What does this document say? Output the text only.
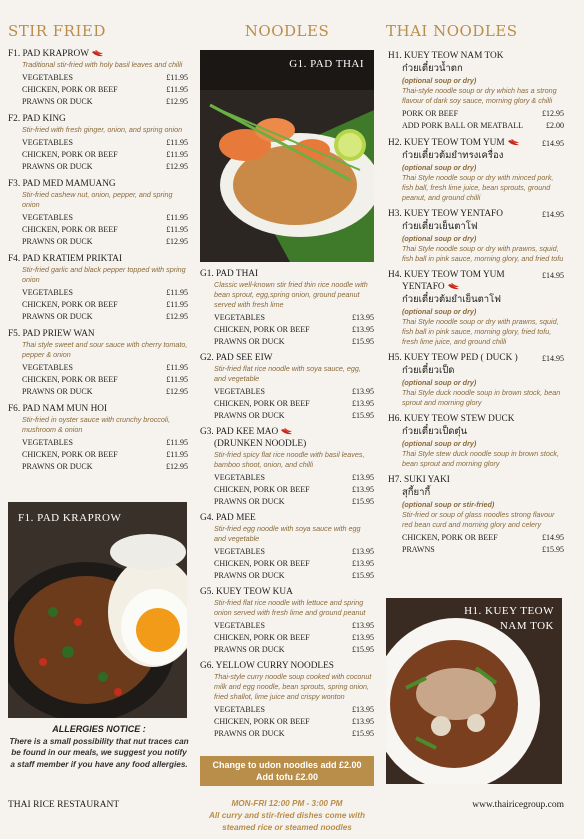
STIR FRIED
F1. PAD KRAPROW
Traditional stir-fried with holy basil leaves and chilli
VEGETABLES	£11.95
CHICKEN, PORK OR BEEF	£11.95
PRAWNS OR DUCK	£12.95
F2. PAD KING
Stir-fried with fresh ginger, onion, and spring onion
VEGETABLES	£11.95
CHICKEN, PORK OR BEEF	£11.95
PRAWNS OR DUCK	£12.95
F3. PAD MED MAMUANG
Stir-fried cashew nut, onion, pepper, and spring onion
VEGETABLES	£11.95
CHICKEN, PORK OR BEEF	£11.95
PRAWNS OR DUCK	£12.95
F4. PAD KRATIEM PRIKTAI
Stir-fried garlic and black pepper topped with spring onion
VEGETABLES	£11.95
CHICKEN, PORK OR BEEF	£11.95
PRAWNS OR DUCK	£12.95
F5. PAD PRIEW WAN
Thai style sweet and sour sauce with cherry tomato, pepper & onion
VEGETABLES	£11.95
CHICKEN, PORK OR BEEF	£11.95
PRAWNS OR DUCK	£12.95
F6. PAD NAM MUN HOI
Stir-fried in oyster sauce with crunchy broccoli, mushroom & onion
VEGETABLES	£11.95
CHICKEN, PORK OR BEEF	£11.95
PRAWNS OR DUCK	£12.95
NOODLES
G1. PAD THAI
Classic well-known stir fried thin rice noodle with bean sprout, egg,spring onion, ground peanut served with fresh lime
VEGETABLES	£13.95
CHICKEN, PORK OR BEEF	£13.95
PRAWNS OR DUCK	£15.95
G2. PAD SEE EIW
Stir-fried flat rice noodle with soya sauce, egg, and vegetable
VEGETABLES	£13.95
CHICKEN, PORK OR BEEF	£13.95
PRAWNS OR DUCK	£15.95
G3. PAD KEE MAO
(DRUNKEN NOODLE)
Stir-fried spicy flat rice noodle with basil leaves, bamboo shoot, onion, and chilli
VEGETABLES	£13.95
CHICKEN, PORK OR BEEF	£13.95
PRAWNS OR DUCK	£15.95
G4. PAD MEE
Stir-fried egg noodle with soya sauce with egg and vegetable
VEGETABLES	£13.95
CHICKEN, PORK OR BEEF	£13.95
PRAWNS OR DUCK	£15.95
G5. KUEY TEOW KUA
Stir-fried flat rice noodle with lettuce and spring onion served with fresh lime and ground peanut
VEGETABLES	£13.95
CHICKEN, PORK OR BEEF	£13.95
PRAWNS OR DUCK	£15.95
G6. YELLOW CURRY NOODLES
Thai-style curry noodle soup cooked with coconut milk and egg noodle, bean sprouts, spring onion, fried shallot, lime juice and crispy wonton
VEGETABLES	£13.95
CHICKEN, PORK OR BEEF	£13.95
PRAWNS OR DUCK	£15.95
THAI NOODLES
H1. KUEY TEOW NAM TOK
ก๋วยเตี๋ยวน้ำตก
(optional soup or dry)
Thai-style noodle soup or dry which has a strong flavour of dark soy sauce, morning glory & chilli
PORK OR BEEF	£12.95
ADD PORK BALL OR MEATBALL	£2.00
H2. KUEY TEOW TOM YUM
ก๋วยเตี๋ยวต้มยำทรงเครื่อง
£14.95
(optional soup or dry)
Thai Style noodle soup or dry with minced pork, fish ball, fresh lime juice, bean sprouts, ground peanut, and ground chilli
H3. KUEY TEOW YENTAFO
ก๋วยเตี๋ยวเย็นตาโฟ
£14.95
(optional soup or dry)
Thai Style noodle soup or dry with prawns, squid, fish ball in pink sauce, morning glory, and fried tofu
H4. KUEY TEOW TOM YUM
YENTAFO
ก๋วยเตี๋ยวต้มยำเย็นตาโฟ
£14.95
(optional soup or dry)
Thai Style noodle soup or dry with prawns, squid, fish ball in pink sauce, morning glory, fried tofu, fresh lime juice, and ground chilli
H5. KUEY TEOW PED ( DUCK )
ก๋วยเตี๋ยวเป็ด
£14.95
(optional soup or dry)
Thai Style duck noodle soup in brown stock, bean sprout and morning glory
H6. KUEY TEOW STEW DUCK
ก๋วยเตี๋ยวเป็ดตุ๋น
(optional soup or dry)
Thai Style stew duck noodle soup in brown stock, bean sprout and morning glory
H7. SUKI YAKI
สุกี้ยากี้
(optional soup or stir-fried)
Stir-fried or soup of glass noodles strong flavour red bean curd and morning glory and celery
CHICKEN, PORK OR BEEF	£14.95
PRAWNS	£15.95
F1. PAD KRAPROW
G1. PAD THAI
H1. KUEY TEOW
NAM TOK
ALLERGIES NOTICE :
There is a small possibility that nut traces can be found in our meals, we suggest you notify a staff member if you have any food allergies.	Change to udon noodles add £2.00
Add tofu £2.00
THAI RICE RESTAURANT	MON-FRI 12:00 PM - 3:00 PM
All curry and stir-fried dishes come with steamed rice or steamed noodles
www.thairicegroup.com
